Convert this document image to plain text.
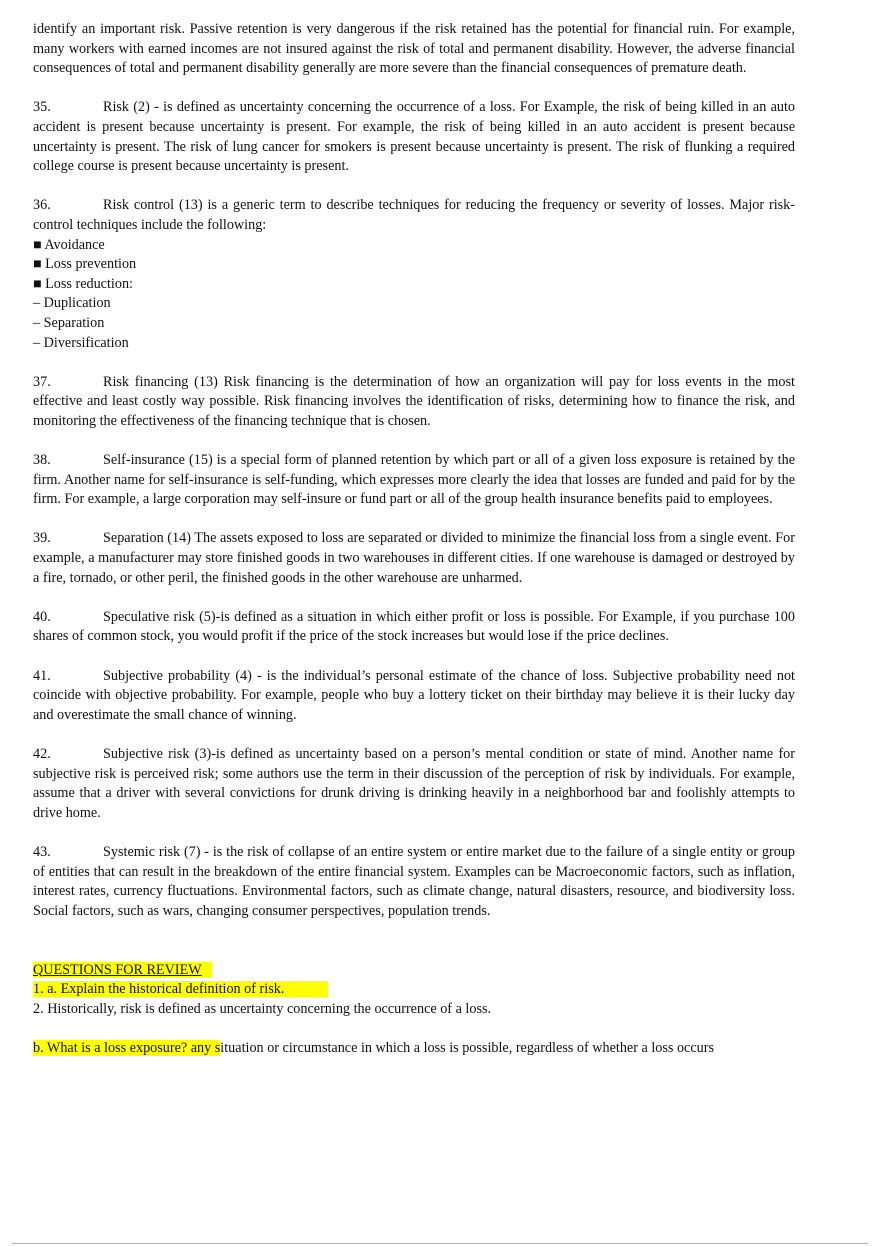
identify an important risk. Passive retention is very dangerous if the risk retained has the potential for financial ruin. For example, many workers with earned incomes are not insured against the risk of total and permanent disability. However, the adverse financial consequences of total and permanent disability generally are more severe than the financial consequences of premature death.

35.	Risk (2) - is defined as uncertainty concerning the occurrence of a loss. For Example, the risk of being killed in an auto accident is present because uncertainty is present. For example, the risk of being killed in an auto accident is present because uncertainty is present. The risk of lung cancer for smokers is present because uncertainty is present. The risk of flunking a required college course is present because uncertainty is present.

36.	Risk control (13) is a generic term to describe techniques for reducing the frequency or severity of losses. Major risk-control techniques include the following:

■ Avoidance
■ Loss prevention
■ Loss reduction:
– Duplication
– Separation
– Diversification

37.	Risk financing (13) Risk financing is the determination of how an organization will pay for loss events in the most effective and least costly way possible. Risk financing involves the identification of risks, determining how to finance the risk, and monitoring the effectiveness of the financing technique that is chosen.

38.	Self-insurance (15) is a special form of planned retention by which part or all of a given loss exposure is retained by the firm. Another name for self-insurance is self-funding, which expresses more clearly the idea that losses are funded and paid for by the firm. For example, a large corporation may self-insure or fund part or all of the group health insurance benefits paid to employees.

39.	Separation (14) The assets exposed to loss are separated or divided to minimize the financial loss from a single event. For example, a manufacturer may store finished goods in two warehouses in different cities. If one warehouse is damaged or destroyed by a fire, tornado, or other peril, the finished goods in the other warehouse are unharmed.

40.	Speculative risk (5)-is defined as a situation in which either profit or loss is possible. For Example, if you purchase 100 shares of common stock, you would profit if the price of the stock increases but would lose if the price declines.

41.	Subjective probability (4) - is the individual’s personal estimate of the chance of loss. Subjective probability need not coincide with objective probability. For example, people who buy a lottery ticket on their birthday may believe it is their lucky day and overestimate the small chance of winning.

42.	Subjective risk (3)-is defined as uncertainty based on a person’s mental condition or state of mind. Another name for subjective risk is perceived risk; some authors use the term in their discussion of the perception of risk by individuals. For example, assume that a driver with several convictions for drunk driving is drinking heavily in a neighborhood bar and foolishly attempts to drive home.

43.	Systemic risk (7) - is the risk of collapse of an entire system or entire market due to the failure of a single entity or group of entities that can result in the breakdown of the entire financial system. Examples can be Macroeconomic factors, such as inflation, interest rates, currency fluctuations. Environmental factors, such as climate change, natural disasters, resource, and biodiversity loss. Social factors, such as wars, changing consumer perspectives, population trends.

QUESTIONS FOR REVIEW
1. a. Explain the historical definition of risk.
2. Historically, risk is defined as uncertainty concerning the occurrence of a loss.
b. What is a loss exposure? any situation or circumstance in which a loss is possible, regardless of whether a loss occurs
